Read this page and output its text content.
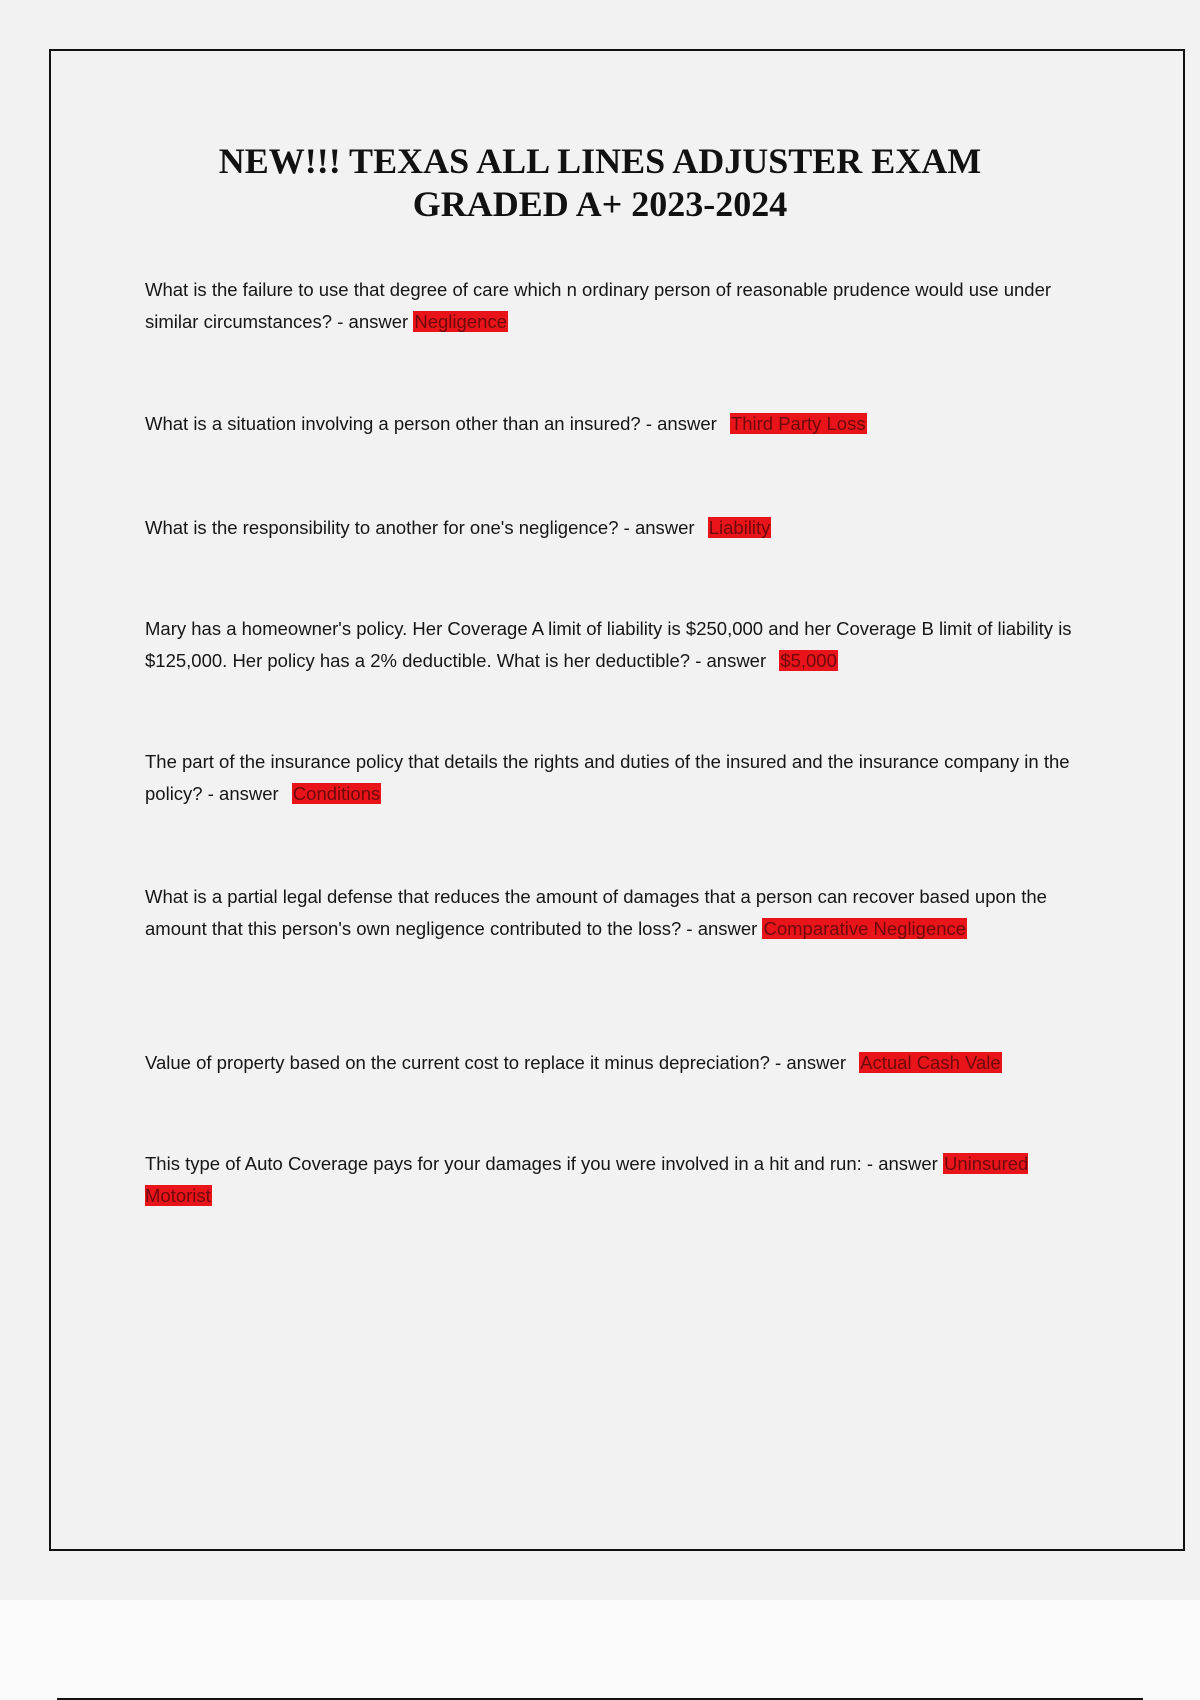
NEW!!! TEXAS ALL LINES ADJUSTER EXAM
GRADED A+ 2023-2024
What is the failure to use that degree of care which n ordinary person of reasonable prudence would use under similar circumstances? - answer Negligence
What is a situation involving a person other than an insured? - answer Third Party Loss
What is the responsibility to another for one's negligence? - answer Liability
Mary has a homeowner's policy. Her Coverage A limit of liability is $250,000 and her Coverage B limit of liability is $125,000. Her policy has a 2% deductible. What is her deductible? - answer $5,000
The part of the insurance policy that details the rights and duties of the insured and the insurance company in the policy? - answer Conditions
What is a partial legal defense that reduces the amount of damages that a person can recover based upon the amount that this person's own negligence contributed to the loss? - answer Comparative Negligence
Value of property based on the current cost to replace it minus depreciation? - answer Actual Cash Vale
This type of Auto Coverage pays for your damages if you were involved in a hit and run: - answer Uninsured Motorist
